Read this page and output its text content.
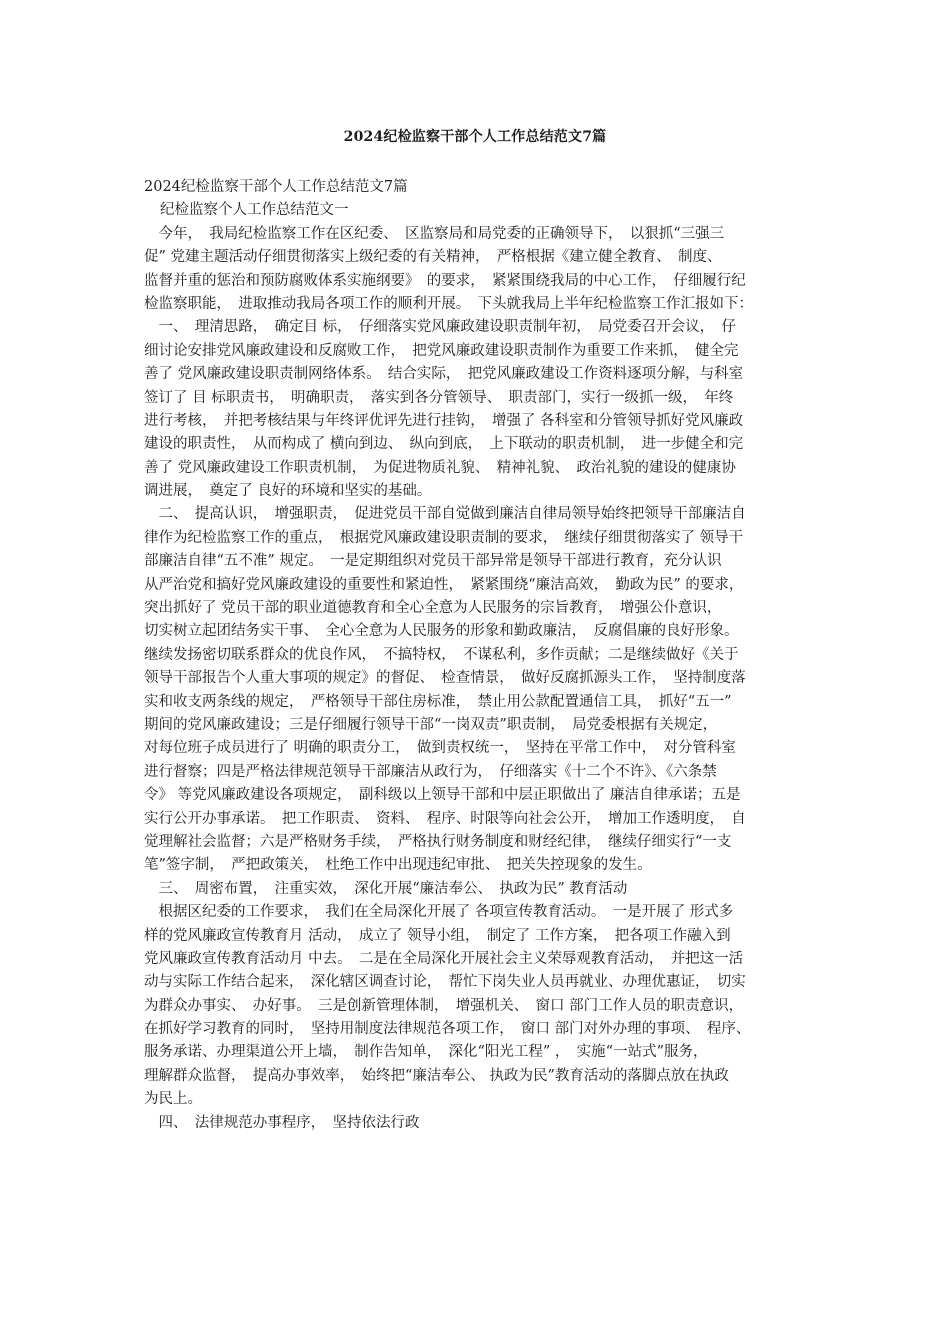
2024纪检监察干部个人工作总结范文7篇
2024纪检监察干部个人工作总结范文7篇
纪检监察个人工作总结范文一
　今年，　我局纪检监察工作在区纪委、　区监察局和局党委的正确领导下，　以狠抓“三强三
促” 党建主题活动仔细贯彻落实上级纪委的有关精神，　严格根据《建立健全教育、　制度、
监督并重的惩治和预防腐败体系实施纲要》　的要求，　紧紧围绕我局的中心工作，　仔细履行纪
检监察职能，　进取推动我局各项工作的顺利开展。　下头就我局上半年纪检监察工作汇报如下：
　一、　理清思路，　确定目 标，　仔细落实党风廉政建设职责制年初，　局党委召开会议，　仔
细讨论安排党风廉政建设和反腐败工作，　把党风廉政建设职责制作为重要工作来抓，　健全完
善了 党风廉政建设职责制网络体系。　结合实际，　把党风廉政建设工作资料逐项分解，与科室
签订了 目 标职责书，　明确职责，　落实到各分管领导、　职责部门，实行一级抓一级，　年终
进行考核，　并把考核结果与年终评优评先进行挂钩，　增强了 各科室和分管领导抓好党风廉政
建设的职责性，　从而构成了 横向到边、　纵向到底，　上下联动的职责机制，　进一步健全和完
善了 党风廉政建设工作职责机制，　为促进物质礼貌、　精神礼貌、　政治礼貌的建设的健康协
调进展，　奠定了 良好的环境和坚实的基础。
　二、　提高认识，　增强职责，　促进党员干部自觉做到廉洁自律局领导始终把领导干部廉洁自
律作为纪检监察工作的重点，　根据党风廉政建设职责制的要求，　继续仔细贯彻落实了 领导干
部廉洁自律“五不准” 规定。　一是定期组织对党员干部异常是领导干部进行教育，充分认识
从严治党和搞好党风廉政建设的重要性和紧迫性，　紧紧围绕“廉洁高效，　勤政为民” 的要求，
突出抓好了 党员干部的职业道德教育和全心全意为人民服务的宗旨教育，　增强公仆意识，
切实树立起团结务实干事、　全心全意为人民服务的形象和勤政廉洁，　反腐倡廉的良好形象。
继续发扬密切联系群众的优良作风，　不搞特权，　不谋私利，多作贡献；二是继续做好《关于
领导干部报告个人重大事项的规定》的督促、　检查情景，　做好反腐抓源头工作，　坚持制度落
实和收支两条线的规定，　严格领导干部住房标准，　禁止用公款配置通信工具，　抓好“五一”
期间的党风廉政建设；三是仔细履行领导干部“一岗双责”职责制，　局党委根据有关规定，
对每位班子成员进行了 明确的职责分工，　做到责权统一，　坚持在平常工作中，　对分管科室
进行督察；四是严格法律规范领导干部廉洁从政行为，　仔细落实《十二个不许》、《六条禁
令》 等党风廉政建设各项规定，　副科级以上领导干部和中层正职做出了 廉洁自律承诺；五是
实行公开办事承诺。　把工作职责、　资料、　程序、时限等向社会公开，　增加工作透明度，　自
觉理解社会监督；六是严格财务手续，　严格执行财务制度和财经纪律，　继续仔细实行“一支
笔”签字制，　严把政策关，　杜绝工作中出现违纪审批、　把关失控现象的发生。
　三、　周密布置，　注重实效，　深化开展“廉洁奉公、　执政为民” 教育活动
　根据区纪委的工作要求，　我们在全局深化开展了 各项宣传教育活动。　一是开展了 形式多
样的党风廉政宣传教育月 活动，　成立了 领导小组，　制定了 工作方案，　把各项工作融入到
党风廉政宣传教育活动月 中去。　二是在全局深化开展社会主义荣辱观教育活动，　并把这一活
动与实际工作结合起来，　深化辖区调查讨论，　帮忙下岗失业人员再就业、办理优惠证，　切实
为群众办事实、　办好事。　三是创新管理体制，　增强机关、　窗口 部门工作人员的职责意识，
在抓好学习教育的同时，　坚持用制度法律规范各项工作，　窗口 部门对外办理的事项、　程序、
服务承诺、办理渠道公开上墙，　制作告知单，　深化“阳光工程” ，　实施“一站式”服务，
理解群众监督，　提高办事效率，　始终把“廉洁奉公、 执政为民”教育活动的落脚点放在执政
为民上。
　四、　法律规范办事程序，　坚持依法行政
